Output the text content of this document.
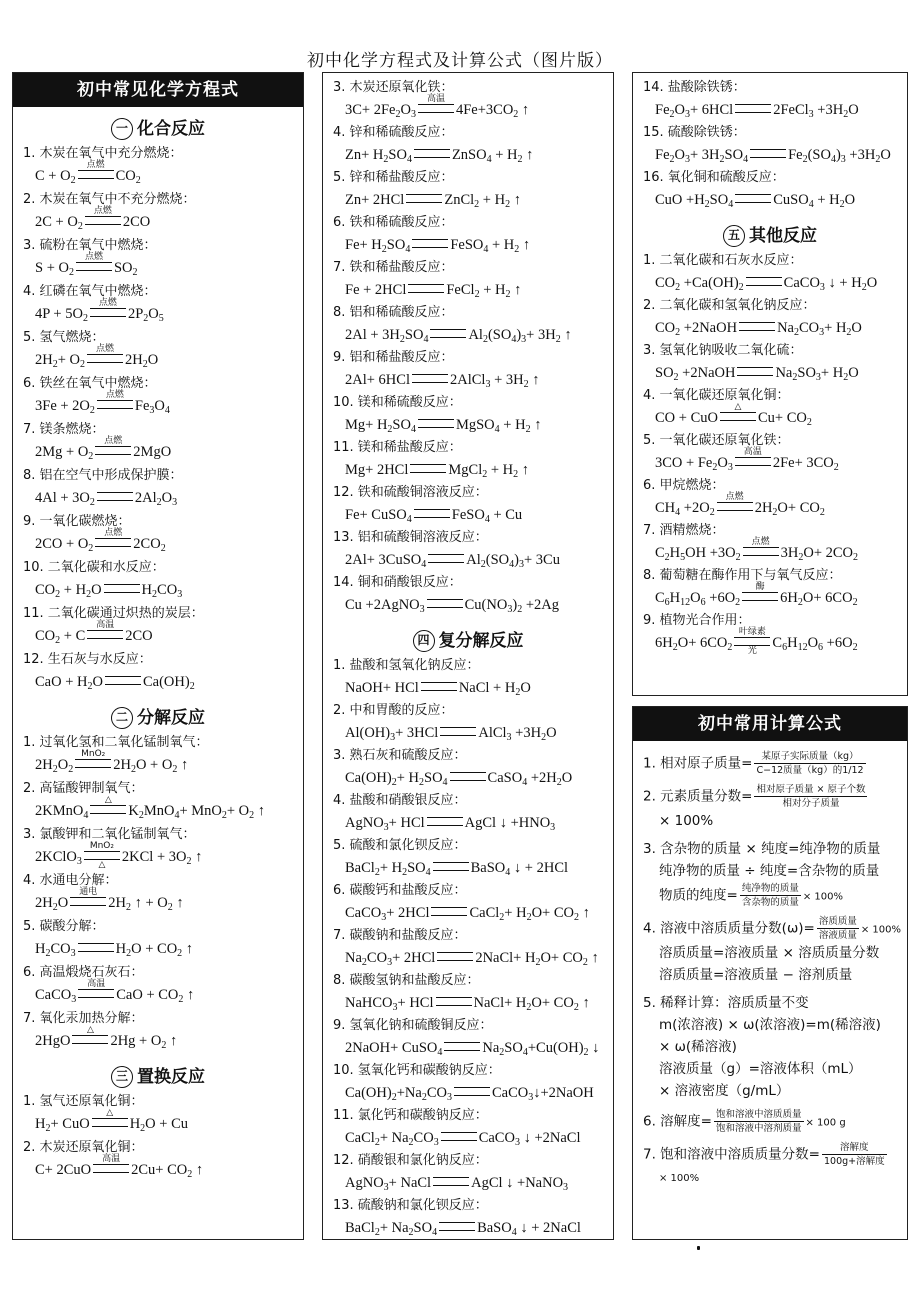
初中化学方程式及计算公式（图片版）
初中常见化学方程式
一 化合反应
1. 木炭在氧气中充分燃烧：
$C + O_2$
点燃
$CO_2$
2. 木炭在氧气中不充分燃烧：
$2C + O_2$
点燃
2CO
3. 硫粉在氧气中燃烧：
$S + O_2$
点燃
$SO_2$
4. 红磷在氧气中燃烧：
$4P + 5O_2$
点燃
$2P_2O_5$
5. 氢气燃烧：
$2H_2+ O_2$
点燃
$2H_2O$
6. 铁丝在氧气中燃烧：
$3Fe + 2O_2$
点燃
$Fe_3O_4$
7. 镁条燃烧：
$2Mg + O_2$
点燃
2MgO
8. 铝在空气中形成保护膜：
$4Al + 3O_2$	$2Al_2O_3$
9. 一氧化碳燃烧：
$2CO + O_2$
点燃
$2CO_2$
10. 二氧化碳和水反应：
$CO_2 + H_2O$	$H_2CO_3$
11. 二氧化碳通过炽热的炭层：
$CO_2 + C$
高温
2CO
12. 生石灰与水反应：
CaO + $H_2O$	$Ca(OH)_2$
二 分解反应
1. 过氧化氢和二氧化锰制氧气：
$2H_2O_2$
MnO₂
$2H_2O + O_2$ ↑
2. 高锰酸钾制氧气：
2KMnO$_4$
△
$K_2MnO_4+ MnO_2+ O_2$ ↑
3. 氯酸钾和二氧化锰制氧气：
2KClO$_3$
MnO₂
△	$2KCl + 3O_2$ ↑
4. 水通电分解：
$2H_2O$
通电
$2H_2$ ↑ + $O_2$ ↑
5. 碳酸分解：
$H_2CO_3$	$H_2O + CO_2$ ↑
6. 高温煅烧石灰石：
CaCO$_3$
高温
CaO + $CO_2$ ↑
7. 氧化汞加热分解：
2HgO
△
$2Hg + O_2$ ↑
三 置换反应
1. 氢气还原氧化铜：
$H_2+$ CuO
△
$H_2O + Cu$
2. 木炭还原氧化铜：
C+ 2CuO
高温
$2Cu+ CO_2$ ↑
3. 木炭还原氧化铁：
$3C+ 2Fe_2O_3$
高温
$4Fe+3CO_2$ ↑
4. 锌和稀硫酸反应：
$Zn+ H_2SO_4$	ZnSO$_4$ + $H_2$ ↑
5. 锌和稀盐酸反应：
Zn+ 2HCl	ZnCl$_2$ + $H_2$ ↑
6. 铁和稀硫酸反应：
$Fe+ H_2SO_4$	FeSO$_4$ + $H_2$ ↑
7. 铁和稀盐酸反应：
Fe + 2HCl	FeCl$_2$ + $H_2$ ↑
8. 铝和稀硫酸反应：
$2Al + 3H_2SO_4$	$Al_2(SO_4)_3+ 3H_2$ ↑
9. 铝和稀盐酸反应：
2Al+ 6HCl	2AlCl$_3$ + $3H_2$ ↑
10. 镁和稀硫酸反应：
$Mg+ H_2SO_4$	MgSO$_4$ + $H_2$ ↑
11. 镁和稀盐酸反应：
Mg+ 2HCl	MgCl$_2$ + $H_2$ ↑
12. 铁和硫酸铜溶液反应：
Fe+ CuSO$_4$	FeSO$_4$ + Cu
13. 铝和硫酸铜溶液反应：
2Al+ 3CuSO$_4$	$Al_2(SO_4)_3+ 3Cu$
14. 铜和硝酸银反应：
Cu +2AgNO$_3$	$Cu(NO_3)_2 +2Ag$
四 复分解反应
1. 盐酸和氢氧化钠反应：
NaOH+ HCl	NaCl + $H_2O$
2. 中和胃酸的反应：
$Al(OH)_3+ 3HCl$	AlCl$_3$ $+3H_2O$
3. 熟石灰和硫酸反应：
$Ca(OH)_2+ H_2SO_4$	CaSO$_4$ $+2H_2O$
4. 盐酸和硝酸银反应：
AgNO$_3$+ HCl	AgCl ↓ $+HNO_3$
5. 硫酸和氯化钡反应：
BaCl$_2$+ $H_2SO_4$	BaSO$_4$ ↓ + 2HCl
6. 碳酸钙和盐酸反应：
CaCO$_3$+ 2HCl	CaCl$_2$+ $H_2O+ CO_2$ ↑
7. 碳酸钠和盐酸反应：
$Na_2CO_3+ 2HCl$	2NaCl+ $H_2O+ CO_2$ ↑
8. 碳酸氢钠和盐酸反应：
NaHCO$_3$+ HCl	NaCl+ $H_2O+ CO_2$ ↑
9. 氢氧化钠和硫酸铜反应：
2NaOH+ CuSO$_4$	$Na_2SO_4+Cu(OH)_2$ ↓
10. 氢氧化钙和碳酸钠反应：
$Ca(OH)_2+Na_2CO_3$	CaCO$_3$↓+2NaOH
11. 氯化钙和碳酸钠反应：
CaCl$_2$+ $Na_2CO_3$	CaCO$_3$ ↓ +2NaCl
12. 硝酸银和氯化钠反应：
AgNO$_3$+ NaCl	AgCl ↓ +NaNO$_3$
13. 硫酸钠和氯化钡反应：
BaCl$_2$+ $Na_2SO_4$	BaSO$_4$ ↓ + 2NaCl
14. 盐酸除铁锈：
$Fe_2O_3+ 6HCl$	2FeCl$_3$ $+3H_2O$
15. 硫酸除铁锈：
$Fe_2O_3+ 3H_2SO_4$	$Fe_2(SO_4)_3 +3H_2O$
16. 氧化铜和硫酸反应：
CuO $+H_2SO_4$	CuSO$_4$ + $H_2O$
五 其他反应
1. 二氧化碳和石灰水反应：
$CO_2 +Ca(OH)_2$	CaCO$_3$ ↓ + $H_2O$
2. 二氧化碳和氢氧化钠反应：
$CO_2$ +2NaOH	$Na_2CO_3+ H_2O$
3. 氢氧化钠吸收二氧化硫：
$SO_2$ +2NaOH	$Na_2SO_3+ H_2O$
4. 一氧化碳还原氧化铜：
CO + CuO
△
$Cu+ CO_2$
5. 一氧化碳还原氧化铁：
$3CO + Fe_2O_3$
高温
$2Fe+ 3CO_2$
6. 甲烷燃烧：
$CH_4 +2O_2$
点燃
$2H_2O+ CO_2$
7. 酒精燃烧：
$C_2H_5OH +3O_2$
点燃
$3H_2O+ 2CO_2$
8. 葡萄糖在酶作用下与氧气反应：
$C_6H_{12}O_6 +6O_2$
酶
$6H_2O+ 6CO_2$
9. 植物光合作用：
$6H_2O+ 6CO_2$
叶绿素
光	$C_6H_{12}O_6 +6O_2$
初中常用计算公式
1. 相对原子质量= $\frac{\text{某原子实际质量（kg）}}{\text{C−12质量（kg）的1/12}}$
2. 元素质量分数= $\frac{\text{相对原子质量 × 原子个数}}{\text{相对分子质量}}$
× 100%
3. 含杂物的质量 × 纯度=纯净物的质量
纯净物的质量 ÷ 纯度=含杂物的质量
物质的纯度= $\frac{\text{纯净物的质量}}{\text{含杂物的质量}} \times 100\%$
4. 溶液中溶质质量分数$(\omega)= \frac{\text{溶质质量}}{\text{溶液质量}} \times 100\%$
溶质质量=溶液质量 × 溶质质量分数
溶质质量=溶液质量 − 溶剂质量
5. 稀释计算：溶质质量不变
m(浓溶液) × ω(浓溶液)=m(稀溶液)
× ω(稀溶液)
溶液质量（g）=溶液体积（mL）
× 溶液密度（g/mL）
6. 溶解度= $\frac{\text{饱和溶液中溶质质量}}{\text{饱和溶液中溶剂质量}} \times 100$ g
7. 饱和溶液中溶质质量分数= $\frac{\text{溶解度}}{\text{100g+溶解度}}$
× 100%
